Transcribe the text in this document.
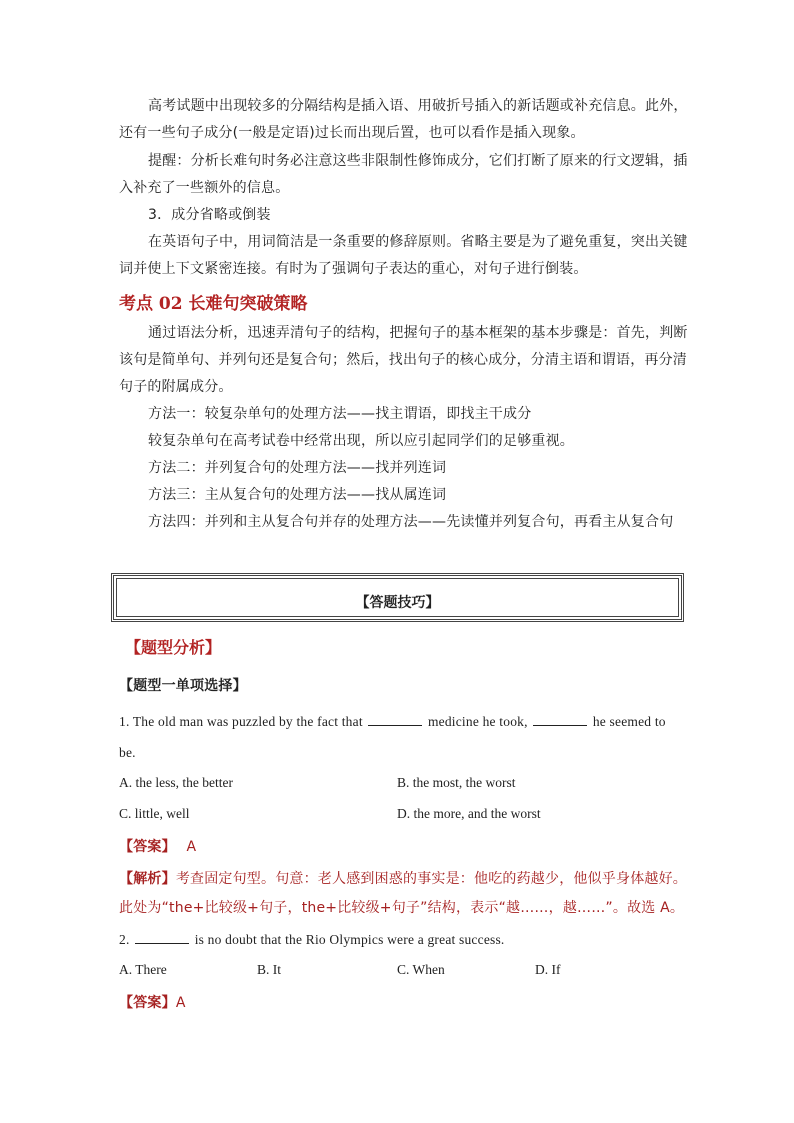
高考试题中出现较多的分隔结构是插入语、用破折号插入的新话题或补充信息。此外，
还有一些句子成分(一般是定语)过长而出现后置，也可以看作是插入现象。
提醒：分析长难句时务必注意这些非限制性修饰成分，它们打断了原来的行文逻辑，插
入补充了一些额外的信息。
3．成分省略或倒装
在英语句子中，用词简洁是一条重要的修辞原则。省略主要是为了避免重复，突出关键
词并使上下文紧密连接。有时为了强调句子表达的重心，对句子进行倒装。
考点 02 长难句突破策略
通过语法分析，迅速弄清句子的结构，把握句子的基本框架的基本步骤是：首先，判断
该句是简单句、并列句还是复合句；然后，找出句子的核心成分，分清主语和谓语，再分清
句子的附属成分。
方法一：较复杂单句的处理方法——找主谓语，即找主干成分
较复杂单句在高考试卷中经常出现，所以应引起同学们的足够重视。
方法二：并列复合句的处理方法——找并列连词
方法三：主从复合句的处理方法——找从属连词
方法四：并列和主从复合句并存的处理方法——先读懂并列复合句，再看主从复合句
【答题技巧】
【题型分析】
【题型一单项选择】
1. The old man was puzzled by the fact that	medicine he took,	he seemed to
be.
A. the less, the better	B. the most, the worst
C. little, well	D. the more, and the worst
【答案】 A
【解析】考查固定句型。句意：老人感到困惑的事实是：他吃的药越少，他似乎身体越好。
此处为“the+比较级+句子，the+比较级+句子”结构，表示“越……，越……”。故选 A。
2.	is no doubt that the Rio Olympics were a great success.
A. There	B. It	C. When	D. If
【答案】A
